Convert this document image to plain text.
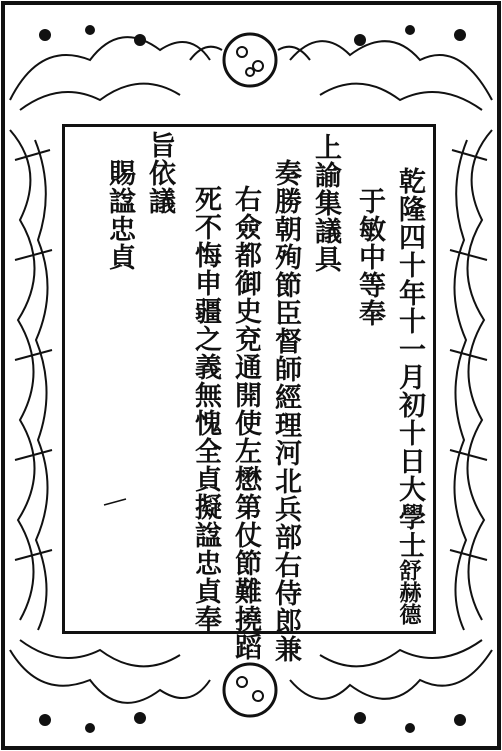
乾隆四十年十一月初十日大學士舒赫德
于敏中等奉
上諭集議具
奏勝朝殉節臣督師經理河北兵部右侍郎兼
右僉都御史兗通開使左懋第仗節難撓蹈
死不悔申疆之義無愧全貞擬諡忠貞奉
旨依議
賜諡忠貞
